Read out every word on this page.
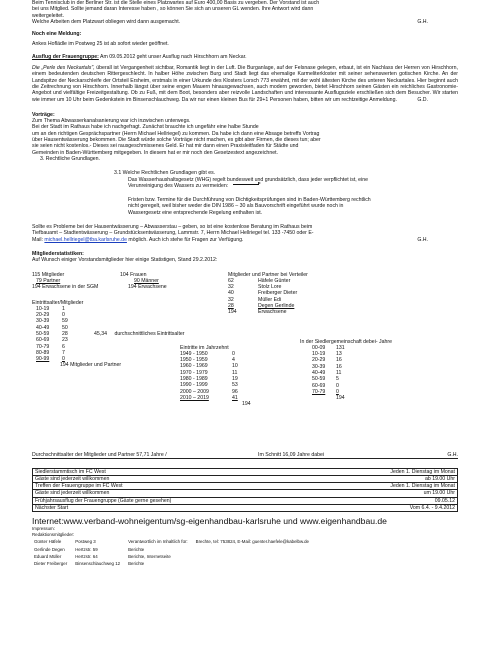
Beim Tennisclub in der Berliner Str. ist die Stelle eines Platzwartes auf Euro 400,00 Basis zu vergeben. Der Vorstand ist auch

bei uns Mitglied. Sollte jemand daran Interesse haben , so können Sie sich an unseren GL wenden. Ihre Antwort wird dann

weitergeleitet.

Welche Arbeiten dem Platzwart obliegen wird dann ausgemacht.	G.H.

Noch eine Meldung:

Ankes Hoflädle im Postweg 25 ist ab sofort wieder geöffnet.

Ausflug der Frauengruppe: Am 09.05.2012 geht unser Ausflug nach Hirschhorn am Neckar.

Die „Perle des Neckartals", überall ist Vergangenheit sichtbar, Romantik liegt in der Luft. Die Burganlage, auf der Felsnase gelegen, erbaut, ist ein Nachlass der Herren von Hirschhorn, einem bedeutenden deutschen Rittergeschlecht. In halber Höhe zwischen Burg und Stadt liegt das ehemalige Karmeliterkloster mit seiner sehenswerten gotischen Kirche. An der Landspitze der Neckarschleife der Ortsteil Ersheim, erstmals in einer Urkunde des Klosters Lorsch 773 erwähnt, mit der wohl ältesten Kirche des unteren Neckartales. Hier beginnt auch die Zeitrechnung von Hirschhorn. Innerhalb längst über seine engen Mauern hinausgewachsen, auch modern geworden, bietet Hirschhorn seinen Gästen ein reichliches Gastronomie-Angebot und vielfältige Freizeitgestaltung. Ob zu Fuß, mit dem Boot, besonders aber reizvolle Landschaften und interessante Ausflugsziele erschließen sich dem Besucher. Wir starten wie immer um 10 Uhr beim Gedenkstein im Binsenschlauchweg. Da wir nur einen kleinen Bus für 29+1 Personen haben, bitten wir um rechtzeitige Anmeldung.	G.D.

Vorträge:

Zum Thema Abwasserkanalsanierung war ich inzwischen unterwegs.

Bei der Stadt im Rathaus habe ich nachgefragt. Zunächst brauchte ich ungefähr eine halbe Stunde

um an den richtigen Gesprächspartner (Herrn Michael Hellriegel) zu kommen. Da habe ich dann eine Absage betreffs Vortrag

über Hausentwässerung bekommen. Die Stadt würde solche Vorträge nicht machen, es gibt aber Firmen, die dieses tun; aber

sie seien nicht kostenlos.- Dieses sei rausgeschmissenes Geld. Er hat mir dann einen Praxisleitfaden für Städte und

Gemeinden in Baden-Württemberg mitgegeben. In diesem hat er mir noch den Gesetzestext angezeichnet.

3. Rechtliche Grundlagen.

3.1 Welche Rechtlichen Grundlagen gibt es.

Das Wasserhaushaltsgesetz (WHG) regelt bundesweit und grundsätzlich, dass jeder verpflichtet ist, eine

Verunreinigung des Wassers zu vermeiden:

Fristen bzw. Termine für die Durchführung von Dichtigkeitsprüfungen sind in Baden-Württemberg rechtlich

nicht geregelt, weil bisher weder die DIN 1986 – 30 als Bauvorschrift eingeführt wurde noch in

Wassergesetz eine entsprechende Regelung enthalten ist.

Sollte es Probleme bei der Hausentwässerung – Abwasserstau – geben, so ist eine kostenlose Beratung im Rathaus beim

Tiefbauamt – Stadtentwässerung – Grundstücksentwässerung, Lammstr. 7, Herrn Michael Hellriegel tel. 133 -7450 oder E-

Mail: michael.hellriegel@tba.karlsruhe.de möglich. Auch ich stehe für Fragen zur Verfügung.	G.H.

Mitgliederstatistiken:

Auf Wunsch einiger Vorstandsmitglieder hier einige Statistigen, Stand 29.2.2012:

115 Mitglieder	104 Frauen
79 Partner	90 Männer
194 Erwachsene in der SGM	194 Erwachsene

Mitglieder und Partner bei Verteiler

62	Häfele Günter
32	Stolz Lore
40	Freiberger Dieter
32	Müller Edi
28	Degen Gerlinde
194	Erwachsene

Eintrittsalter/Mitglieder

10-19	1
20-29	0
30-39	59
40-49	50
50-59	28
60-69	23
70-79	6
80-89	7
90-99	0

194 Mitglieder und Partner

45,34 durchschnittliches Eintrittsalter

Eintritte im Jahrzehnt

1949 - 1950	0
1950 - 1959	4
1960 - 1969	10
1970 - 1979	11
1980 - 1989	19
1990 - 1999	53
2000 – 2009	96
2010 – 2019	41

194

In der Siedlergemeinschaft debei- Jahre

00-09	131
10-19	13
20-29	16
30-39	16
40-49	11
50-59	5
60-69	0
70-79	0

194

Durchschnittsalter der Mitglieder und Partner 57,71 Jahre /	Im Schnitt 16,09 Jahre dabei	G.H.
Siedlerstammtisch im FC West	Jeden 1. Dienstag im Monat
Gäste sind jederzeit willkommen	ab 19.00 Uhr
Treffen der Frauengruppe im FC West	Jeden 1. Dienstag im Monat
Gäste sind jederzeit willkommen	um 19.00 Uhr
Frühjahrsausflug der Frauengruppe (Gäste gerne gesehen)	09.05.12
Nächster Start	Vom 6.4. - 9.4.2012

Internet:www.verband-wohneigentum/sg-eigenhandbau-karlsruhe und www.eigenhandbau.de

Impressum:

Redaktionsmitglieder:

Günter Häfele	Postweg 3	Verantwortlich im Inhaltlich für:	Brechte, tel: 753824, E-Mail: guenter.haefele@kabelbw.de
Gerlinde Degen	Hertzstr. 59	Berichte	
Eduard Müller	Hertzstr. 64	Berichte, Internetseite	
Dieter Freiberger	Binsenschlauchweg 12	Berichte	
